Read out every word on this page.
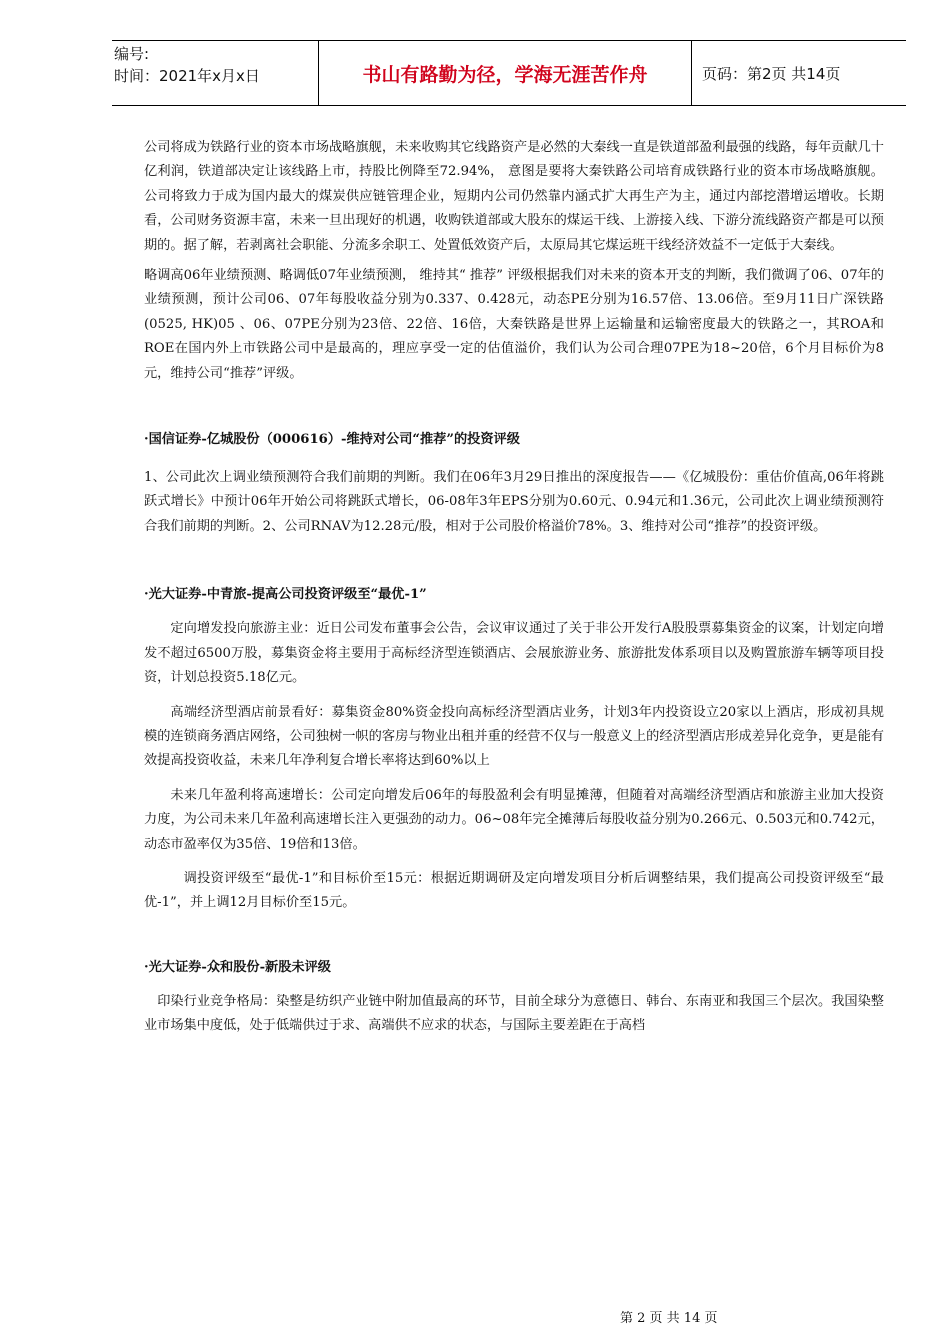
编号:
时间：2021年x月x日	书山有路勤为径，学海无涯苦作舟	页码：第2页 共14页

公司将成为铁路行业的资本市场战略旗舰，未来收购其它线路资产是必然的大秦线一直是铁道部盈利最强的线路，每年贡献几十亿利润，铁道部决定让该线路上市，持股比例降至72.94%， 意图是要将大秦铁路公司培育成铁路行业的资本市场战略旗舰。公司将致力于成为国内最大的煤炭供应链管理企业，短期内公司仍然靠内涵式扩大再生产为主，通过内部挖潜增运增收。长期看，公司财务资源丰富，未来一旦出现好的机遇，收购铁道部或大股东的煤运干线、上游接入线、下游分流线路资产都是可以预期的。据了解，若剥离社会职能、分流多余职工、处置低效资产后，太原局其它煤运班干线经济效益不一定低于大秦线。

略调高06年业绩预测、略调低07年业绩预测， 维持其“ 推荐” 评级根据我们对未来的资本开支的判断，我们微调了06、07年的业绩预测，预计公司06、07年每股收益分别为0.337、0.428元，动态PE分别为16.57倍、13.06倍。至9月11日广深铁路(0525, HK)05 、06、07PE分别为23倍、22倍、16倍，大秦铁路是世界上运输量和运输密度最大的铁路之一，其ROA和ROE在国内外上市铁路公司中是最高的，理应享受一定的估值溢价，我们认为公司合理07PE为18~20倍，6个月目标价为8元，维持公司“推荐”评级。

·国信证券-亿城股份（000616）-维持对公司“推荐”的投资评级

1、公司此次上调业绩预测符合我们前期的判断。我们在06年3月29日推出的深度报告——《亿城股份：重估价值高,06年将跳跃式增长》中预计06年开始公司将跳跃式增长，06-08年3年EPS分别为0.60元、0.94元和1.36元，公司此次上调业绩预测符合我们前期的判断。2、公司RNAV为12.28元/股，相对于公司股价格溢价78%。3、维持对公司“推荐”的投资评级。

·光大证券-中青旅-提高公司投资评级至“最优-1”

定向增发投向旅游主业：近日公司发布董事会公告，会议审议通过了关于非公开发行A股股票募集资金的议案，计划定向增发不超过6500万股，募集资金将主要用于高标经济型连锁酒店、会展旅游业务、旅游批发体系项目以及购置旅游车辆等项目投资，计划总投资5.18亿元。

高端经济型酒店前景看好：募集资金80%资金投向高标经济型酒店业务，计划3年内投资设立20家以上酒店，形成初具规模的连锁商务酒店网络，公司独树一帜的客房与物业出租并重的经营不仅与一般意义上的经济型酒店形成差异化竞争，更是能有效提高投资收益，未来几年净利复合增长率将达到60%以上

未来几年盈利将高速增长：公司定向增发后06年的每股盈利会有明显摊薄，但随着对高端经济型酒店和旅游主业加大投资力度，为公司未来几年盈利高速增长注入更强劲的动力。06~08年完全摊薄后每股收益分别为0.266元、0.503元和0.742元，动态市盈率仅为35倍、19倍和13倍。

调投资评级至“最优-1”和目标价至15元：根据近期调研及定向增发项目分析后调整结果，我们提高公司投资评级至“最优-1”，并上调12月目标价至15元。

·光大证券-众和股份-新股未评级

印染行业竞争格局：染整是纺织产业链中附加值最高的环节，目前全球分为意德日、韩台、东南亚和我国三个层次。我国染整业市场集中度低，处于低端供过于求、高端供不应求的状态，与国际主要差距在于高档

第 2 页 共 14 页
